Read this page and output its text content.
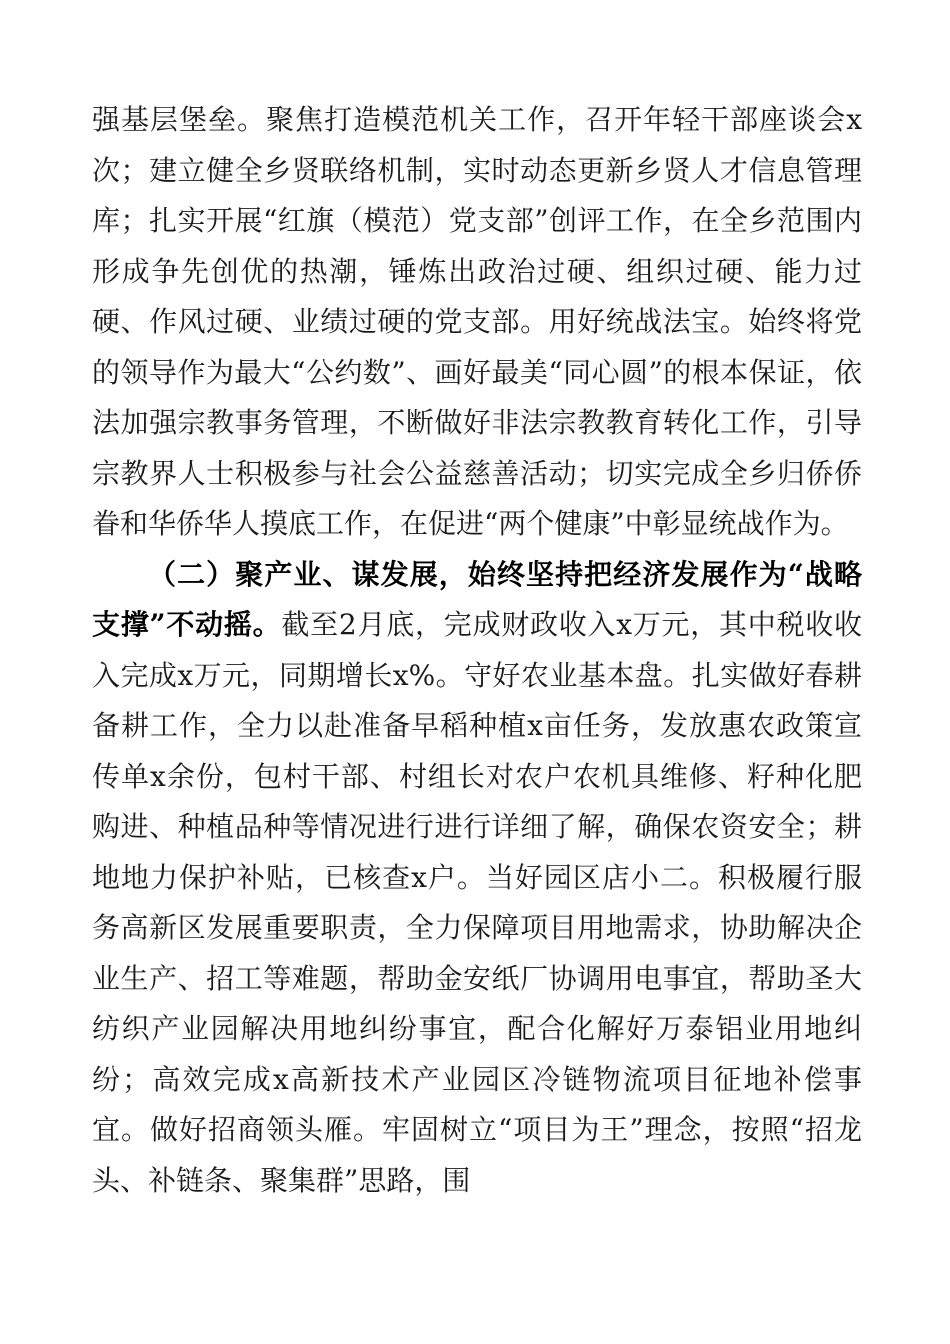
强基层堡垒。聚焦打造模范机关工作，召开年轻干部座谈会x次；建立健全乡贤联络机制，实时动态更新乡贤人才信息管理库；扎实开展“红旗（模范）党支部”创评工作，在全乡范围内形成争先创优的热潮，锤炼出政治过硬、组织过硬、能力过硬、作风过硬、业绩过硬的党支部。用好统战法宝。始终将党的领导作为最大“公约数”、画好最美“同心圆”的根本保证，依法加强宗教事务管理，不断做好非法宗教教育转化工作，引导宗教界人士积极参与社会公益慈善活动；切实完成全乡归侨侨眷和华侨华人摸底工作，在促进“两个健康”中彰显统战作为。

（二）聚产业、谋发展，始终坚持把经济发展作为“战略支撑”不动摇。截至2月底，完成财政收入x万元，其中税收收入完成x万元，同期增长x%。守好农业基本盘。扎实做好春耕备耕工作，全力以赴准备早稻种植x亩任务，发放惠农政策宣传单x余份，包村干部、村组长对农户农机具维修、籽种化肥购进、种植品种等情况进行进行详细了解，确保农资安全；耕地地力保护补贴，已核查x户。当好园区店小二。积极履行服务高新区发展重要职责，全力保障项目用地需求，协助解决企业生产、招工等难题，帮助金安纸厂协调用电事宜，帮助圣大纺织产业园解决用地纠纷事宜，配合化解好万泰铝业用地纠纷；高效完成x高新技术产业园区冷链物流项目征地补偿事宜。做好招商领头雁。牢固树立“项目为王”理念，按照“招龙头、补链条、聚集群”思路，围
